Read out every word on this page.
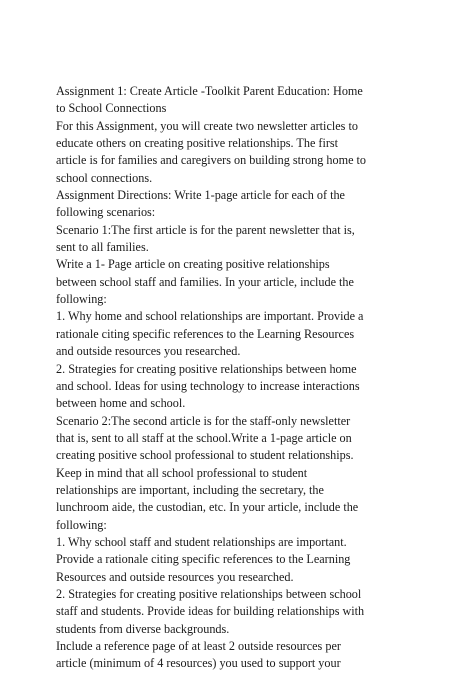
Assignment 1: Create Article -Toolkit Parent Education: Home
to School Connections
For this Assignment, you will create two newsletter articles to
educate others on creating positive relationships. The first
article is for families and caregivers on building strong home to
school connections.
Assignment Directions: Write 1-page article for each of the
following scenarios:
Scenario 1:The first article is for the parent newsletter that is,
sent to all families.
Write a 1- Page article on creating positive relationships
between school staff and families. In your article, include the
following:
1. Why home and school relationships are important. Provide a
rationale citing specific references to the Learning Resources
and outside resources you researched.
2. Strategies for creating positive relationships between home
and school. Ideas for using technology to increase interactions
between home and school.
Scenario 2:The second article is for the staff-only newsletter
that is, sent to all staff at the school.Write a 1-page article on
creating positive school professional to student relationships.
Keep in mind that all school professional to student
relationships are important, including the secretary, the
lunchroom aide, the custodian, etc. In your article, include the
following:
1. Why school staff and student relationships are important.
Provide a rationale citing specific references to the Learning
Resources and outside resources you researched.
2. Strategies for creating positive relationships between school
staff and students. Provide ideas for building relationships with
students from diverse backgrounds.
Include a reference page of at least 2 outside resources per
article (minimum of 4 resources) you used to support your
